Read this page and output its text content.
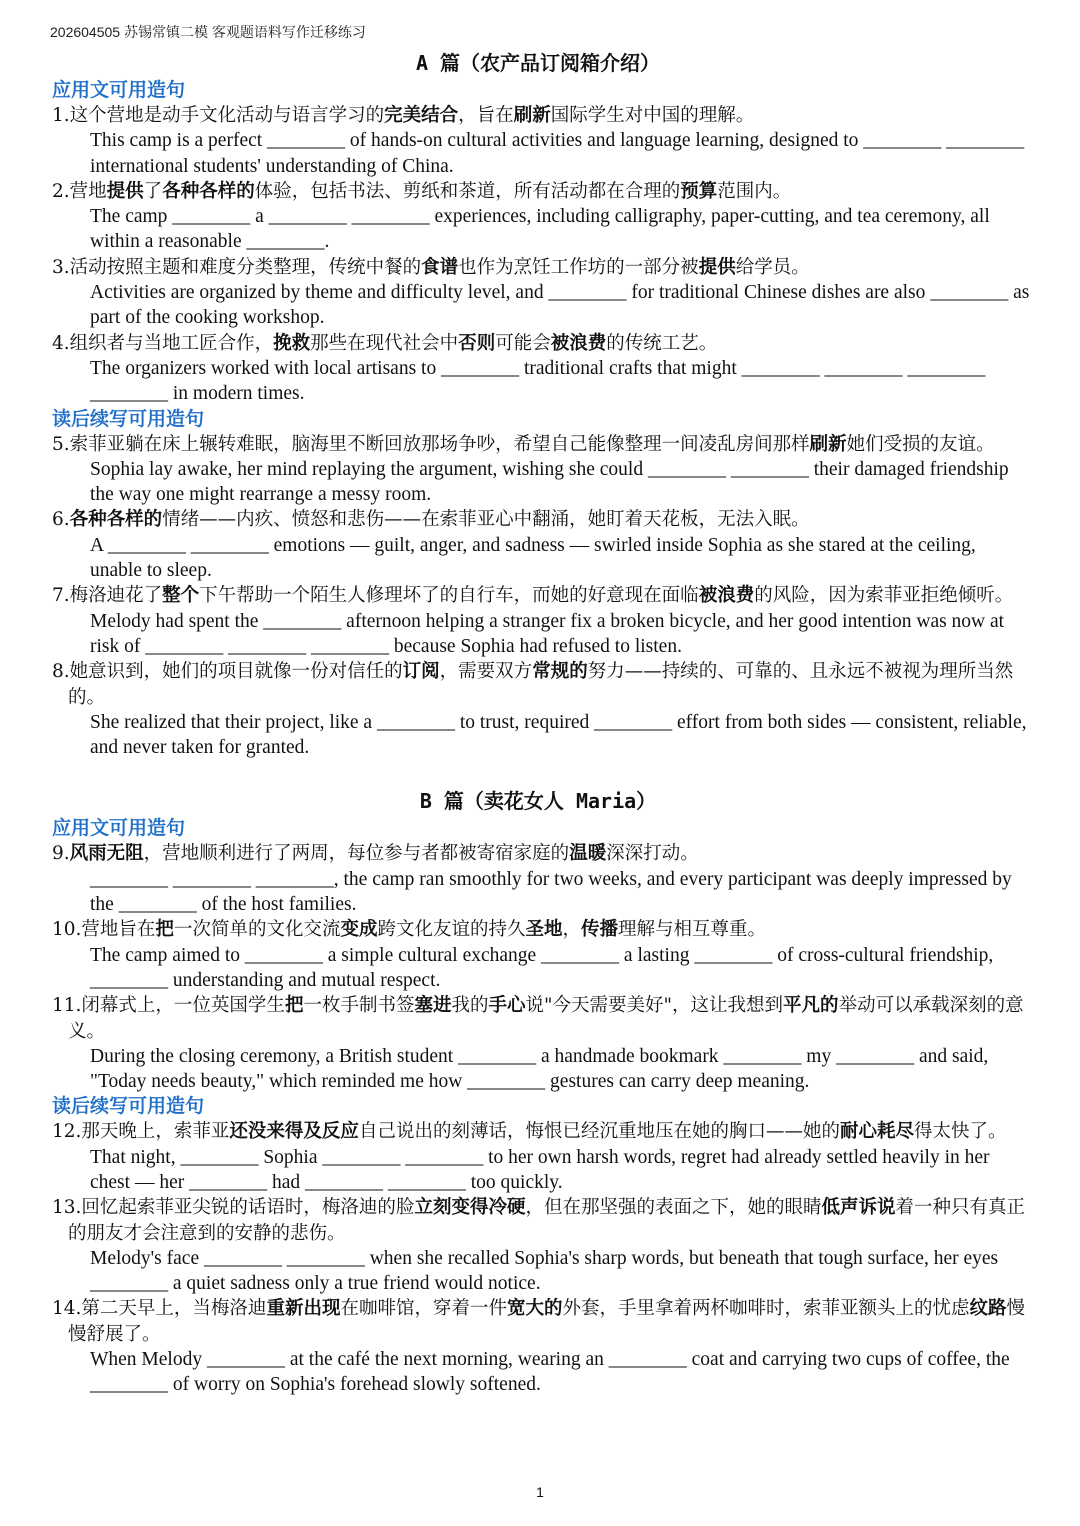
202604505 苏锡常镇二模 客观题语料写作迁移练习
A 篇（农产品订阅箱介绍）
应用文可用造句
1.这个营地是动手文化活动与语言学习的完美结合，旨在刷新国际学生对中国的理解。
This camp is a perfect ________ of hands-on cultural activities and language learning, designed to ________ ________ international students' understanding of China.
2.营地提供了各种各样的体验，包括书法、剪纸和茶道，所有活动都在合理的预算范围内。
The camp ________ a ________ ________ experiences, including calligraphy, paper-cutting, and tea ceremony, all within a reasonable ________.
3.活动按照主题和难度分类整理，传统中餐的食谱也作为烹饪工作坊的一部分被提供给学员。
Activities are organized by theme and difficulty level, and ________ for traditional Chinese dishes are also ________ as part of the cooking workshop.
4.组织者与当地工匠合作，挽救那些在现代社会中否则可能会被浪费的传统工艺。
The organizers worked with local artisans to ________ traditional crafts that might ________ ________ ________ ________ in modern times.
读后续写可用造句
5.索菲亚躺在床上辗转难眠，脑海里不断回放那场争吵，希望自己能像整理一间凌乱房间那样刷新她们受损的友谊。
Sophia lay awake, her mind replaying the argument, wishing she could ________ ________ their damaged friendship the way one might rearrange a messy room.
6.各种各样的情绪——内疚、愤怒和悲伤——在索菲亚心中翻涌，她盯着天花板，无法入眠。
A ________ ________ emotions — guilt, anger, and sadness — swirled inside Sophia as she stared at the ceiling, unable to sleep.
7.梅洛迪花了整个下午帮助一个陌生人修理坏了的自行车，而她的好意现在面临被浪费的风险，因为索菲亚拒绝倾听。
Melody had spent the ________ afternoon helping a stranger fix a broken bicycle, and her good intention was now at risk of ________ ________ ________ because Sophia had refused to listen.
8.她意识到，她们的项目就像一份对信任的订阅，需要双方常规的努力——持续的、可靠的、且永远不被视为理所当然的。
She realized that their project, like a ________ to trust, required ________ effort from both sides — consistent, reliable, and never taken for granted.
B 篇（卖花女人 Maria）
应用文可用造句
9.风雨无阻，营地顺利进行了两周，每位参与者都被寄宿家庭的温暖深深打动。
________ ________ ________, the camp ran smoothly for two weeks, and every participant was deeply impressed by the ________ of the host families.
10.营地旨在把一次简单的文化交流变成跨文化友谊的持久圣地，传播理解与相互尊重。
The camp aimed to ________ a simple cultural exchange ________ a lasting ________ of cross-cultural friendship, ________ understanding and mutual respect.
11.闭幕式上，一位英国学生把一枚手制书签塞进我的手心说"今天需要美好"，这让我想到平凡的举动可以承载深刻的意义。
During the closing ceremony, a British student ________ a handmade bookmark ________ my ________ and said, "Today needs beauty," which reminded me how ________ gestures can carry deep meaning.
读后续写可用造句
12.那天晚上，索菲亚还没来得及反应自己说出的刻薄话，悔恨已经沉重地压在她的胸口——她的耐心耗尽得太快了。
That night, ________ Sophia ________ ________ to her own harsh words, regret had already settled heavily in her chest — her ________ had ________ ________ too quickly.
13.回忆起索菲亚尖锐的话语时，梅洛迪的脸立刻变得冷硬，但在那坚强的表面之下，她的眼睛低声诉说着一种只有真正的朋友才会注意到的安静的悲伤。
Melody's face ________ ________ when she recalled Sophia's sharp words, but beneath that tough surface, her eyes ________ a quiet sadness only a true friend would notice.
14.第二天早上，当梅洛迪重新出现在咖啡馆，穿着一件宽大的外套，手里拿着两杯咖啡时，索菲亚额头上的忧虑纹路慢慢舒展了。
When Melody ________ at the café the next morning, wearing an ________ coat and carrying two cups of coffee, the ________ of worry on Sophia's forehead slowly softened.
1
